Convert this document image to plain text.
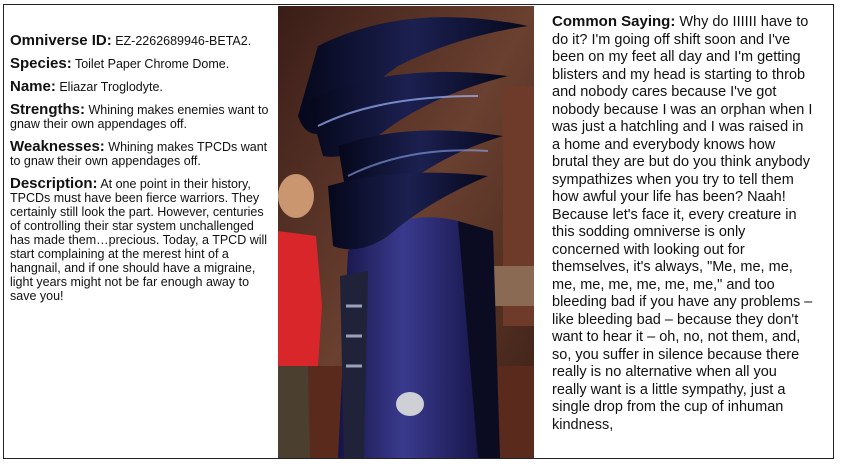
Omniverse ID: EZ-2262689946-BETA2.

Species: Toilet Paper Chrome Dome.

Name: Eliazar Troglodyte.

Strengths: Whining makes enemies want to gnaw their own appendages off.

Weaknesses: Whining makes TPCDs want to gnaw their own appendages off.

Description: At one point in their history, TPCDs must have been fierce warriors. They certainly still look the part. However, centuries of controlling their star system unchallenged has made them…precious. Today, a TPCD will start complaining at the merest hint of a hangnail, and if one should have a migraine, light years might not be far enough away to save you!

Common Saying: Why do IIIIII have to do it? I'm going off shift soon and I've been on my feet all day and I'm getting blisters and my head is starting to throb and nobody cares because I've got nobody because I was an orphan when I was just a hatchling and I was raised in a home and everybody knows how brutal they are but do you think anybody sympathizes when you try to tell them how awful your life has been? Naah! Because let's face it, every creature in this sodding omniverse is only concerned with looking out for themselves, it's always, "Me, me, me, me, me, me, me, me, me," and too bleeding bad if you have any problems – like bleeding bad – because they don't want to hear it – oh, no, not them, and, so, you suffer in silence because there really is no alternative when all you really want is a little sympathy, just a single drop from the cup of inhuman kindness,
